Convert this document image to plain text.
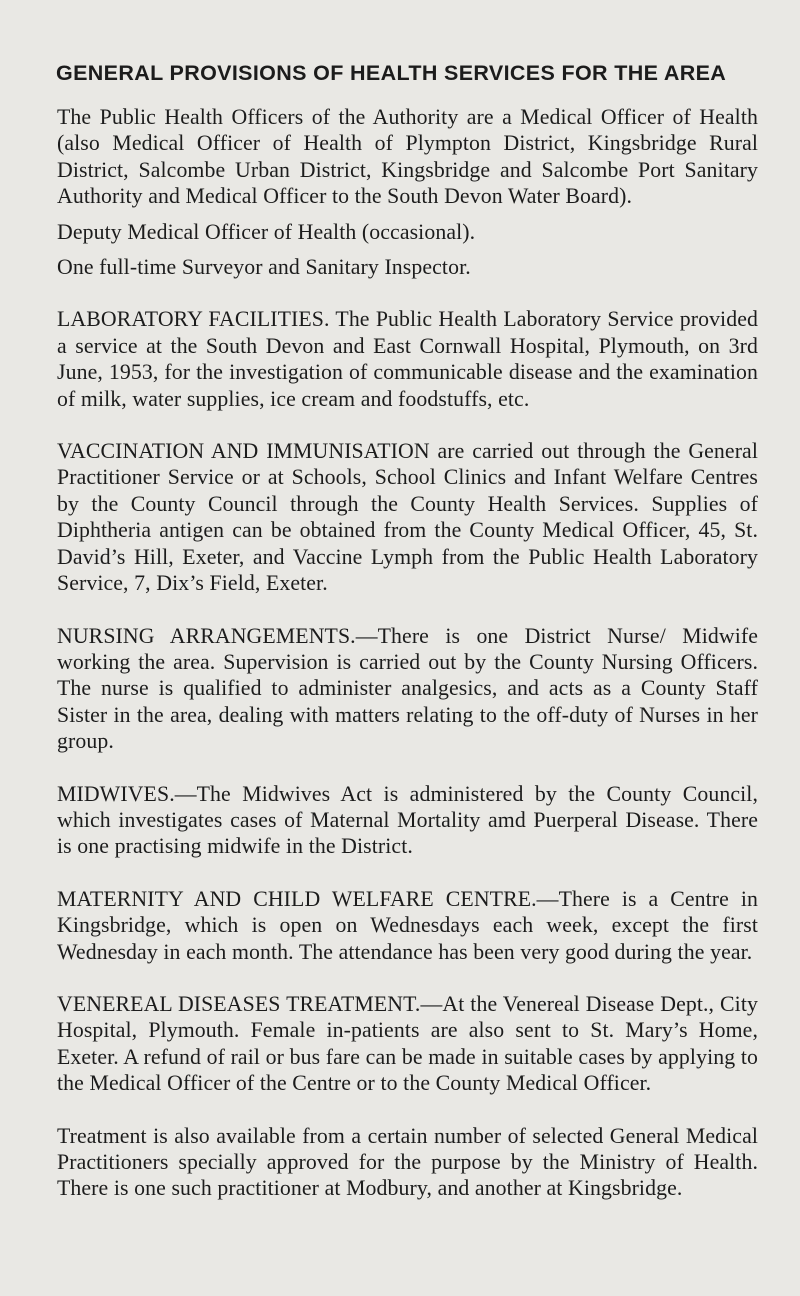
GENERAL PROVISIONS OF HEALTH SERVICES FOR THE AREA

The Public Health Officers of the Authority are a Medical Officer of Health (also Medical Officer of Health of Plympton District, Kingsbridge Rural District, Salcombe Urban District, Kingsbridge and Salcombe Port Sanitary Authority and Medical Officer to the South Devon Water Board).

Deputy Medical Officer of Health (occasional).

One full-time Surveyor and Sanitary Inspector.

LABORATORY FACILITIES. The Public Health Laboratory Service provided a service at the South Devon and East Cornwall Hospital, Plymouth, on 3rd June, 1953, for the investigation of communicable disease and the examination of milk, water supplies, ice cream and foodstuffs, etc.

VACCINATION AND IMMUNISATION are carried out through the General Practitioner Service or at Schools, School Clinics and Infant Welfare Centres by the County Council through the County Health Services. Supplies of Diphtheria antigen can be obtained from the County Medical Officer, 45, St. David’s Hill, Exeter, and Vaccine Lymph from the Public Health Laboratory Service, 7, Dix’s Field, Exeter.

NURSING ARRANGEMENTS.—There is one District Nurse/ Midwife working the area. Supervision is carried out by the County Nursing Officers. The nurse is qualified to administer analgesics, and acts as a County Staff Sister in the area, dealing with matters relating to the off-duty of Nurses in her group.

MIDWIVES.—The Midwives Act is administered by the County Council, which investigates cases of Maternal Mortality amd Puerperal Disease. There is one practising midwife in the District.

MATERNITY AND CHILD WELFARE CENTRE.—There is a Centre in Kingsbridge, which is open on Wednesdays each week, except the first Wednesday in each month. The attendance has been very good during the year.

VENEREAL DISEASES TREATMENT.—At the Venereal Disease Dept., City Hospital, Plymouth. Female in-patients are also sent to St. Mary’s Home, Exeter. A refund of rail or bus fare can be made in suitable cases by applying to the Medical Officer of the Centre or to the County Medical Officer.

Treatment is also available from a certain number of selected General Medical Practitioners specially approved for the purpose by the Ministry of Health. There is one such practitioner at Modbury, and another at Kingsbridge.
